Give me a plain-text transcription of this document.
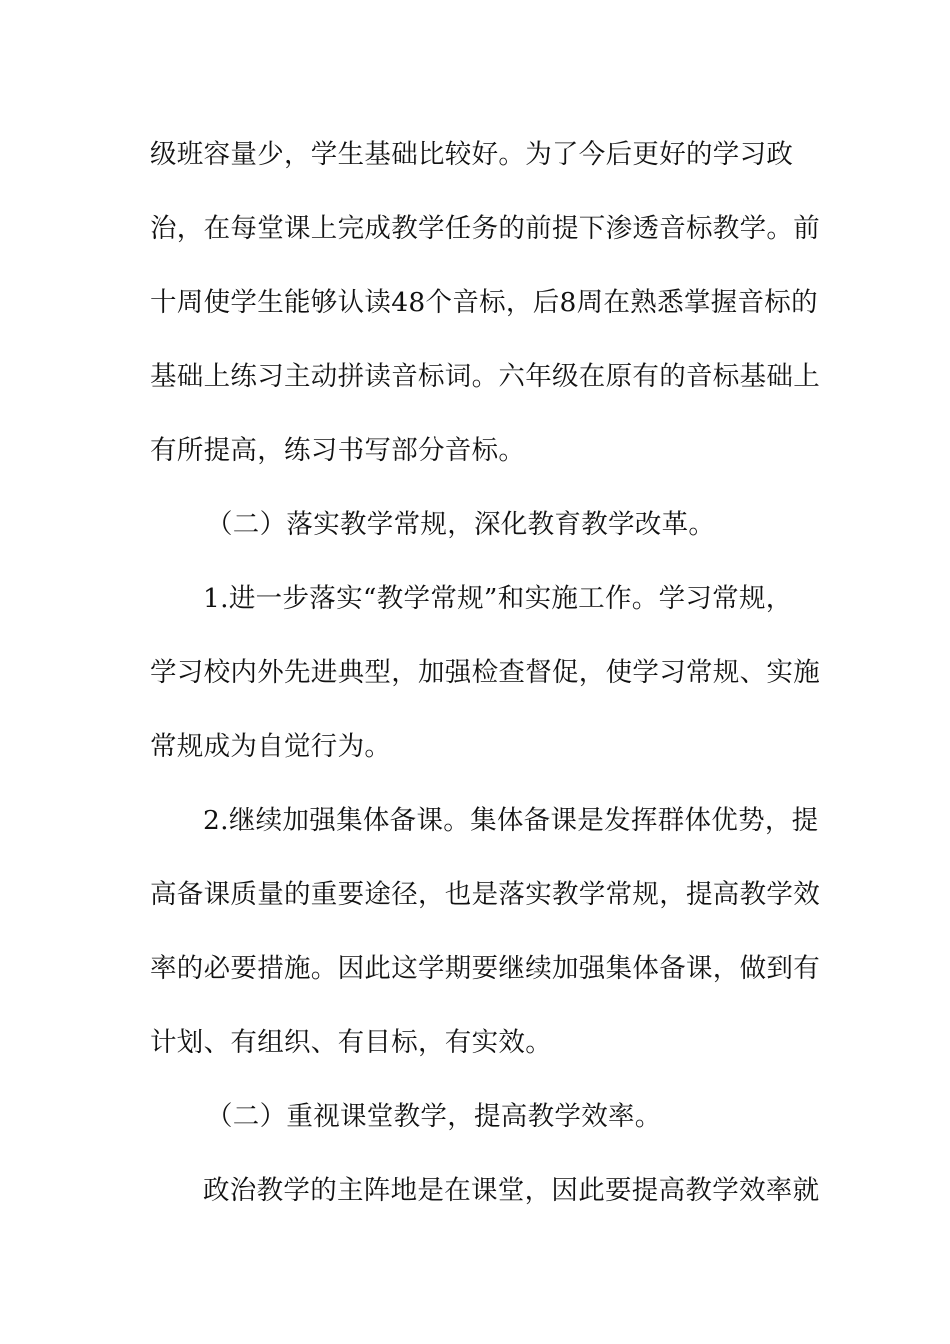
级班容量少，学生基础比较好。为了今后更好的学习政
治，在每堂课上完成教学任务的前提下渗透音标教学。前
十周使学生能够认读48个音标，后8周在熟悉掌握音标的
基础上练习主动拼读音标词。六年级在原有的音标基础上
有所提高，练习书写部分音标。
（二）落实教学常规，深化教育教学改革。
1.进一步落实“教学常规”和实施工作。学习常规，
学习校内外先进典型，加强检查督促，使学习常规、实施
常规成为自觉行为。
2.继续加强集体备课。集体备课是发挥群体优势，提
高备课质量的重要途径，也是落实教学常规，提高教学效
率的必要措施。因此这学期要继续加强集体备课，做到有
计划、有组织、有目标，有实效。
（二）重视课堂教学，提高教学效率。
政治教学的主阵地是在课堂，因此要提高教学效率就
